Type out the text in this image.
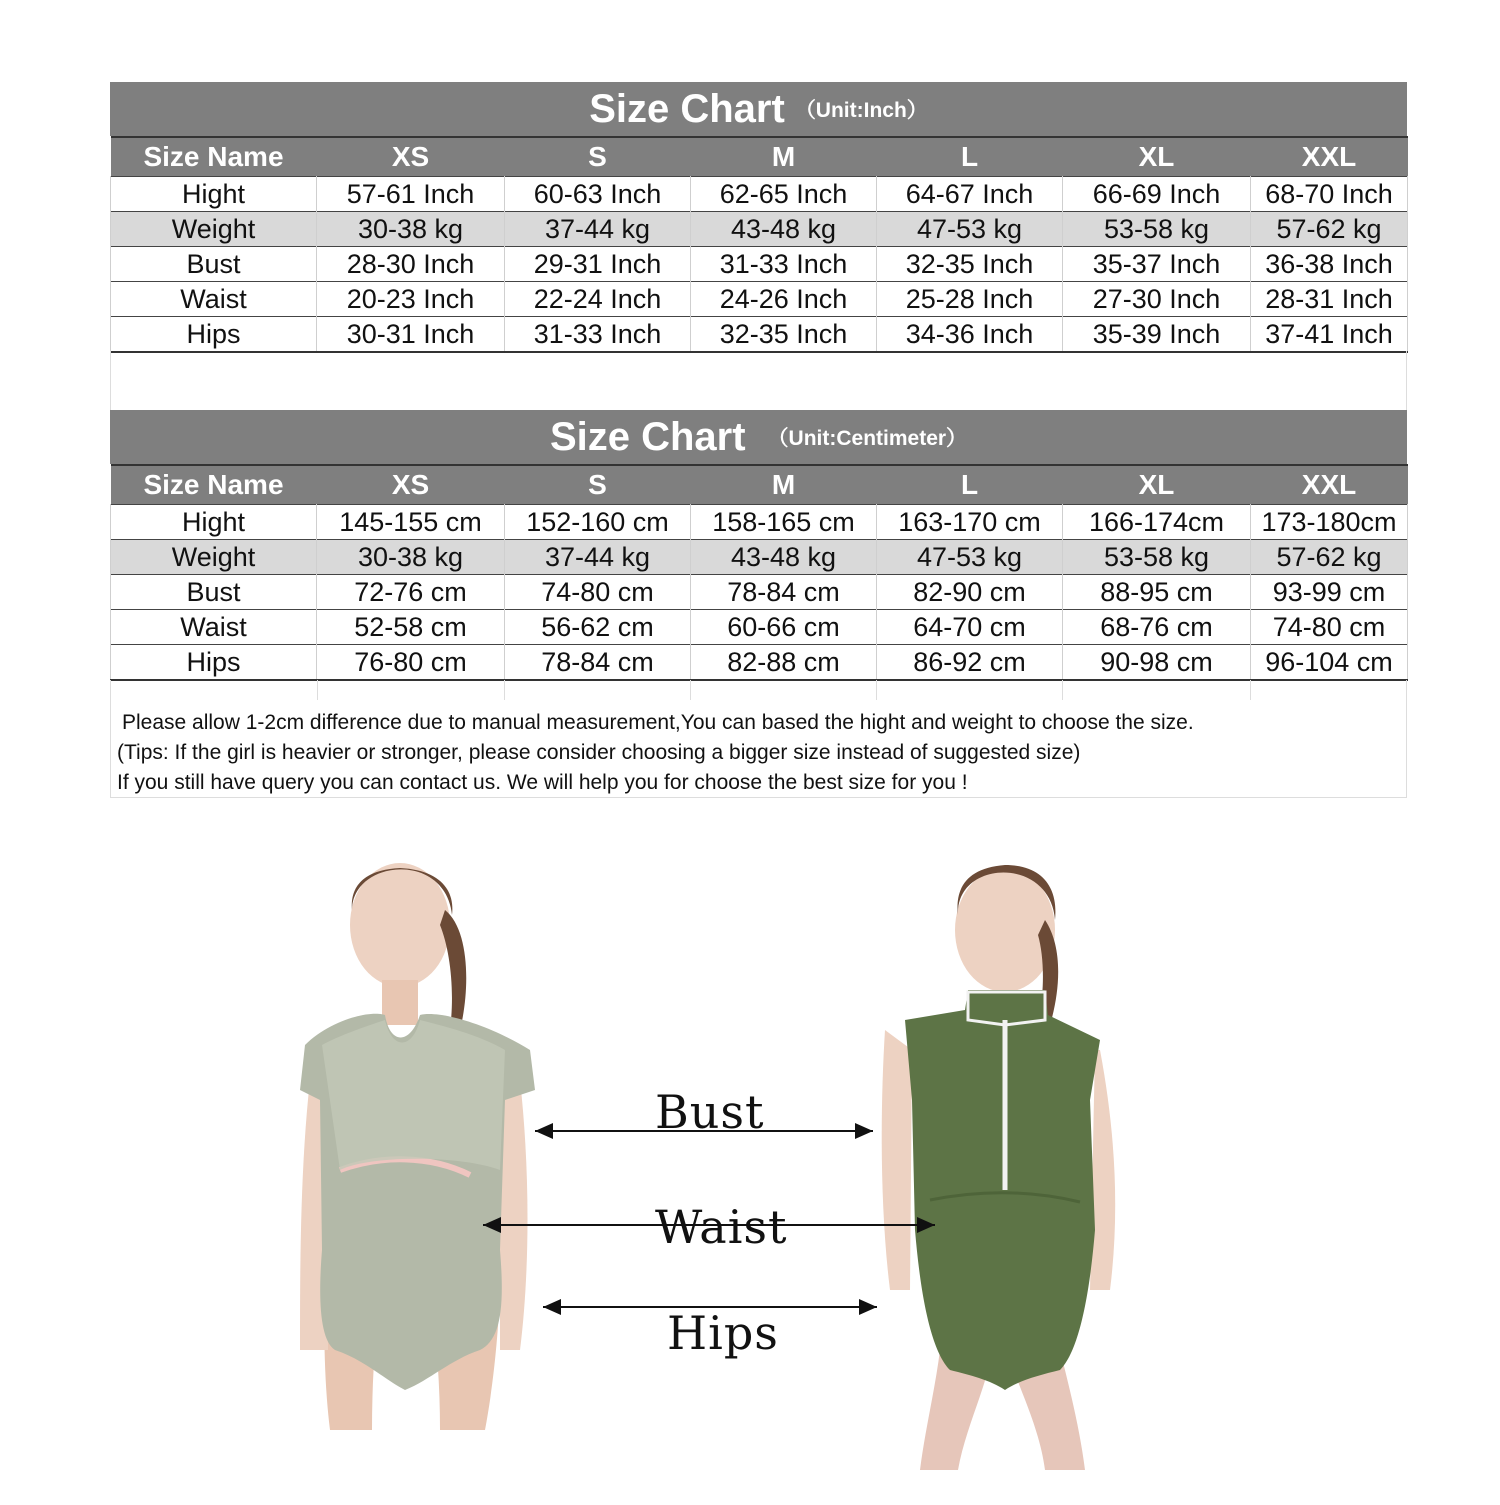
Size Chart （Unit:Inch）
Size Name	XS	S	M	L	XL	XXL
Hight	57-61 Inch	60-63 Inch	62-65 Inch	64-67 Inch	66-69 Inch	68-70 Inch
Weight	30-38 kg	37-44 kg	43-48 kg	47-53 kg	53-58 kg	57-62 kg
Bust	28-30 Inch	29-31 Inch	31-33 Inch	32-35 Inch	35-37 Inch	36-38 Inch
Waist	20-23 Inch	22-24 Inch	24-26 Inch	25-28 Inch	27-30 Inch	28-31 Inch
Hips	30-31 Inch	31-33 Inch	32-35 Inch	34-36 Inch	35-39 Inch	37-41 Inch
Size Chart （Unit:Centimeter）
Size Name	XS	S	M	L	XL	XXL
Hight	145-155 cm	152-160 cm	158-165 cm	163-170 cm	166-174cm	173-180cm
Weight	30-38 kg	37-44 kg	43-48 kg	47-53 kg	53-58 kg	57-62 kg
Bust	72-76 cm	74-80 cm	78-84 cm	82-90 cm	88-95 cm	93-99 cm
Waist	52-58 cm	56-62 cm	60-66 cm	64-70 cm	68-76 cm	74-80 cm
Hips	76-80 cm	78-84 cm	82-88 cm	86-92 cm	90-98 cm	96-104 cm
Please allow 1-2cm difference due to manual measurement,You can based the hight and weight to choose the size.
(Tips: If the girl is heavier or stronger, please consider choosing a bigger size instead of suggested size)
If you still have query you can contact us. We will help you for choose the best size for you !
Bust
Waist
Hips
